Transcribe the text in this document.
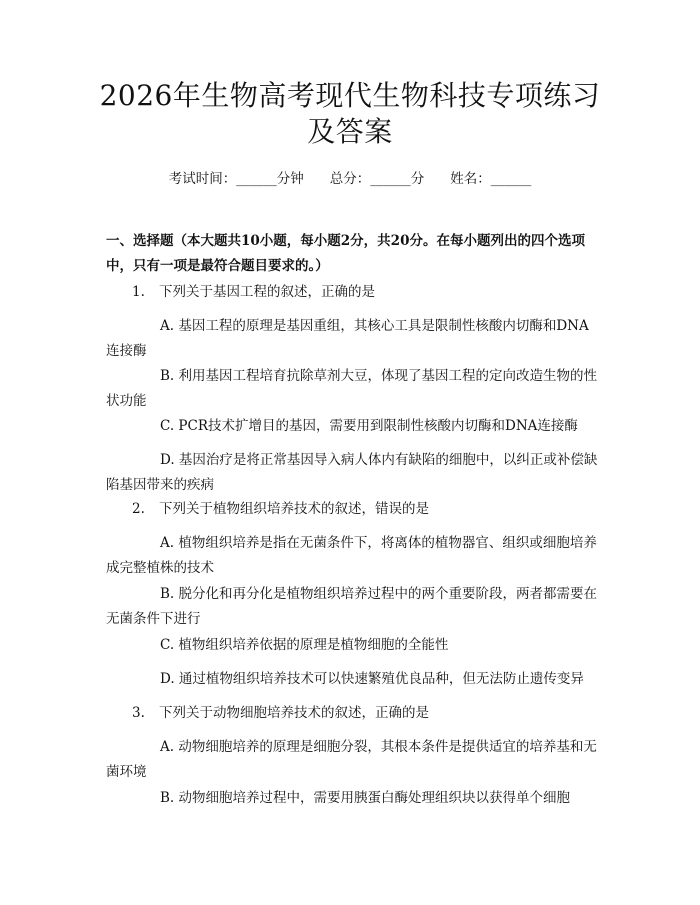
2026年生物高考现代生物科技专项练习及答案
考试时间：______分钟 总分：______分 姓名：______
一、选择题（本大题共10小题，每小题2分，共20分。在每小题列出的四个选项中，只有一项是最符合题目要求的。）
1. 下列关于基因工程的叙述，正确的是
A. 基因工程的原理是基因重组，其核心工具是限制性核酸内切酶和DNA连接酶
B. 利用基因工程培育抗除草剂大豆，体现了基因工程的定向改造生物的性状功能
C. PCR技术扩增目的基因，需要用到限制性核酸内切酶和DNA连接酶
D. 基因治疗是将正常基因导入病人体内有缺陷的细胞中，以纠正或补偿缺陷基因带来的疾病
2. 下列关于植物组织培养技术的叙述，错误的是
A. 植物组织培养是指在无菌条件下，将离体的植物器官、组织或细胞培养成完整植株的技术
B. 脱分化和再分化是植物组织培养过程中的两个重要阶段，两者都需要在无菌条件下进行
C. 植物组织培养依据的原理是植物细胞的全能性
D. 通过植物组织培养技术可以快速繁殖优良品种，但无法防止遗传变异
3. 下列关于动物细胞培养技术的叙述，正确的是
A. 动物细胞培养的原理是细胞分裂，其根本条件是提供适宜的培养基和无菌环境
B. 动物细胞培养过程中，需要用胰蛋白酶处理组织块以获得单个细胞
